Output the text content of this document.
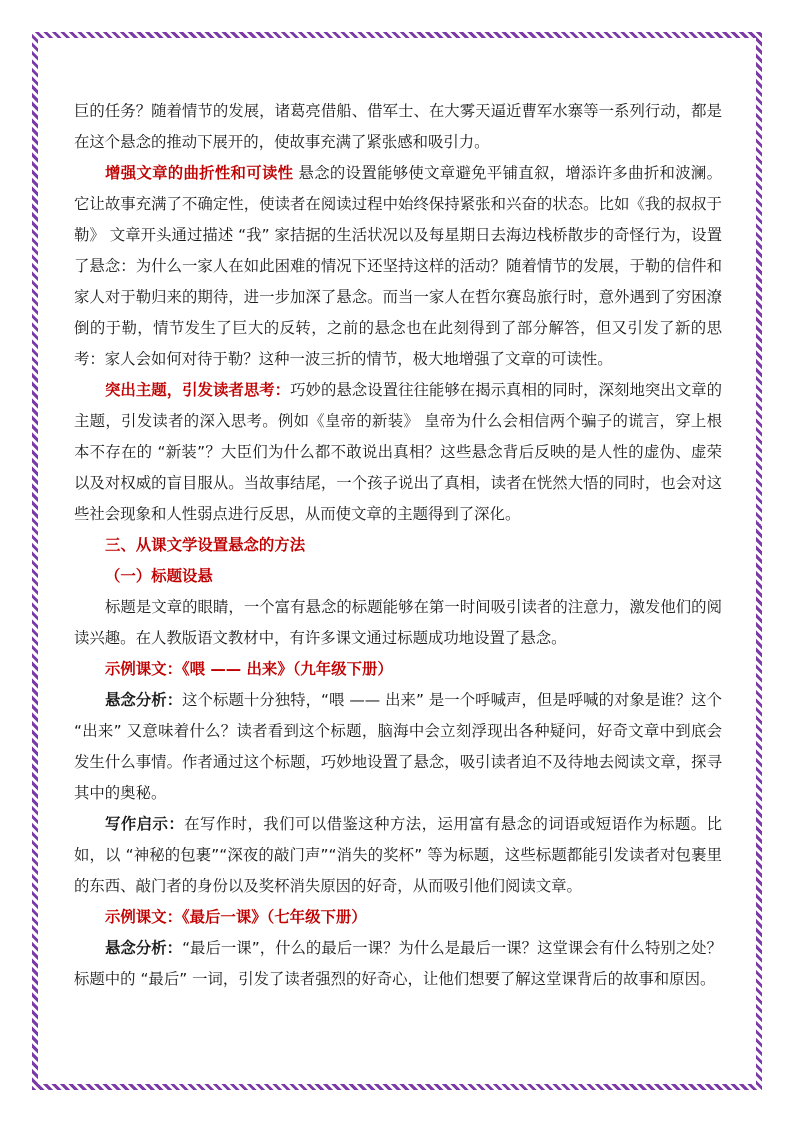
巨的任务？随着情节的发展，诸葛亮借船、借军士、在大雾天逼近曹军水寨等一系列行动，都是在这个悬念的推动下展开的，使故事充满了紧张感和吸引力。

增强文章的曲折性和可读性 悬念的设置能够使文章避免平铺直叙，增添许多曲折和波澜。它让故事充满了不确定性，使读者在阅读过程中始终保持紧张和兴奋的状态。比如《我的叔叔于勒》 文章开头通过描述 “我” 家拮据的生活状况以及每星期日去海边栈桥散步的奇怪行为，设置了悬念：为什么一家人在如此困难的情况下还坚持这样的活动？随着情节的发展，于勒的信件和家人对于勒归来的期待，进一步加深了悬念。而当一家人在哲尔赛岛旅行时，意外遇到了穷困潦倒的于勒，情节发生了巨大的反转，之前的悬念也在此刻得到了部分解答，但又引发了新的思考：家人会如何对待于勒？这种一波三折的情节，极大地增强了文章的可读性。

突出主题，引发读者思考：巧妙的悬念设置往往能够在揭示真相的同时，深刻地突出文章的主题，引发读者的深入思考。例如《皇帝的新装》 皇帝为什么会相信两个骗子的谎言，穿上根本不存在的 “新装”？大臣们为什么都不敢说出真相？这些悬念背后反映的是人性的虚伪、虚荣以及对权威的盲目服从。当故事结尾，一个孩子说出了真相，读者在恍然大悟的同时，也会对这些社会现象和人性弱点进行反思，从而使文章的主题得到了深化。

三、从课文学设置悬念的方法

（一）标题设悬

标题是文章的眼睛，一个富有悬念的标题能够在第一时间吸引读者的注意力，激发他们的阅读兴趣。在人教版语文教材中，有许多课文通过标题成功地设置了悬念。

示例课文：《喂 —— 出来》（九年级下册）

悬念分析：这个标题十分独特，“喂 —— 出来” 是一个呼喊声，但是呼喊的对象是谁？这个 “出来” 又意味着什么？读者看到这个标题，脑海中会立刻浮现出各种疑问，好奇文章中到底会发生什么事情。作者通过这个标题，巧妙地设置了悬念，吸引读者迫不及待地去阅读文章，探寻其中的奥秘。

写作启示：在写作时，我们可以借鉴这种方法，运用富有悬念的词语或短语作为标题。比如，以 “神秘的包裹”“深夜的敲门声”“消失的奖杯” 等为标题，这些标题都能引发读者对包裹里的东西、敲门者的身份以及奖杯消失原因的好奇，从而吸引他们阅读文章。

示例课文：《最后一课》（七年级下册）

悬念分析：“最后一课”，什么的最后一课？为什么是最后一课？这堂课会有什么特别之处？标题中的 “最后” 一词，引发了读者强烈的好奇心，让他们想要了解这堂课背后的故事和原因。
